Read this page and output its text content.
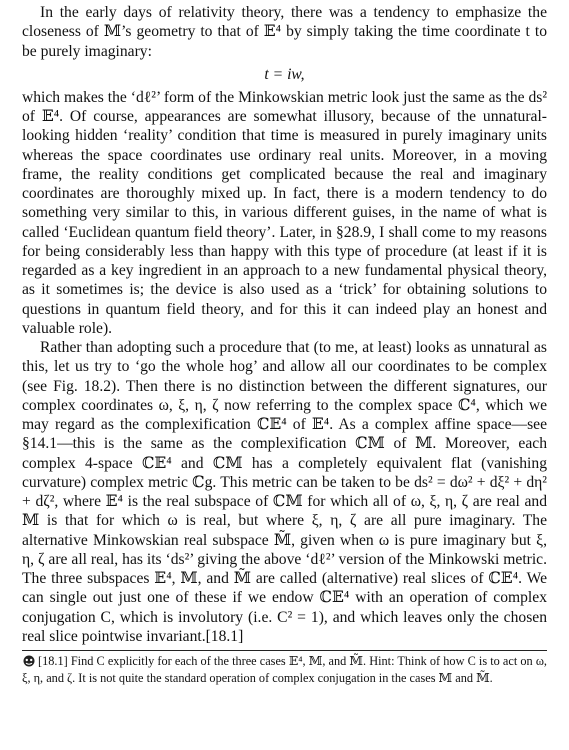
In the early days of relativity theory, there was a tendency to emphasize the closeness of 𝕄’s geometry to that of 𝔼⁴ by simply taking the time coordinate t to be purely imaginary:

t = iw,

which makes the ‘dℓ²’ form of the Minkowskian metric look just the same as the ds² of 𝔼⁴. Of course, appearances are somewhat illusory, because of the unnatural-looking hidden ‘reality’ condition that time is measured in purely imaginary units whereas the space coordinates use ordinary real units. Moreover, in a moving frame, the reality conditions get complicated because the real and imaginary coordinates are thoroughly mixed up. In fact, there is a modern tendency to do something very similar to this, in various different guises, in the name of what is called ‘Euclidean quantum field theory’. Later, in §28.9, I shall come to my reasons for being considerably less than happy with this type of procedure (at least if it is regarded as a key ingredient in an approach to a new fundamental physical theory, as it sometimes is; the device is also used as a ‘trick’ for obtaining solutions to questions in quantum field theory, and for this it can indeed play an honest and valuable role).

Rather than adopting such a procedure that (to me, at least) looks as unnatural as this, let us try to ‘go the whole hog’ and allow all our coordinates to be complex (see Fig. 18.2). Then there is no distinction between the different signatures, our complex coordinates ω, ξ, η, ζ now referring to the complex space ℂ⁴, which we may regard as the complexification ℂ𝔼⁴ of 𝔼⁴. As a complex affine space—see §14.1—this is the same as the complexification ℂ𝕄 of 𝕄. Moreover, each complex 4-space ℂ𝔼⁴ and ℂ𝕄 has a completely equivalent flat (vanishing curvature) complex metric ℂg. This metric can be taken to be ds² = dω² + dξ² + dη² + dζ², where 𝔼⁴ is the real subspace of ℂ𝕄 for which all of ω, ξ, η, ζ are real and 𝕄 is that for which ω is real, but where ξ, η, ζ are all pure imaginary. The alternative Minkowskian real subspace 𝕄̃, given when ω is pure imaginary but ξ, η, ζ are all real, has its ‘ds²’ giving the above ‘dℓ²’ version of the Minkowski metric. The three subspaces 𝔼⁴, 𝕄, and 𝕄̃ are called (alternative) real slices of ℂ𝔼⁴. We can single out just one of these if we endow ℂ𝔼⁴ with an operation of complex conjugation C, which is involutory (i.e. C² = 1), and which leaves only the chosen real slice pointwise invariant.[18.1]

[18.1] Find C explicitly for each of the three cases 𝔼⁴, 𝕄, and 𝕄̃. Hint: Think of how C is to act on ω, ξ, η, and ζ. It is not quite the standard operation of complex conjugation in the cases 𝕄 and 𝕄̃.
